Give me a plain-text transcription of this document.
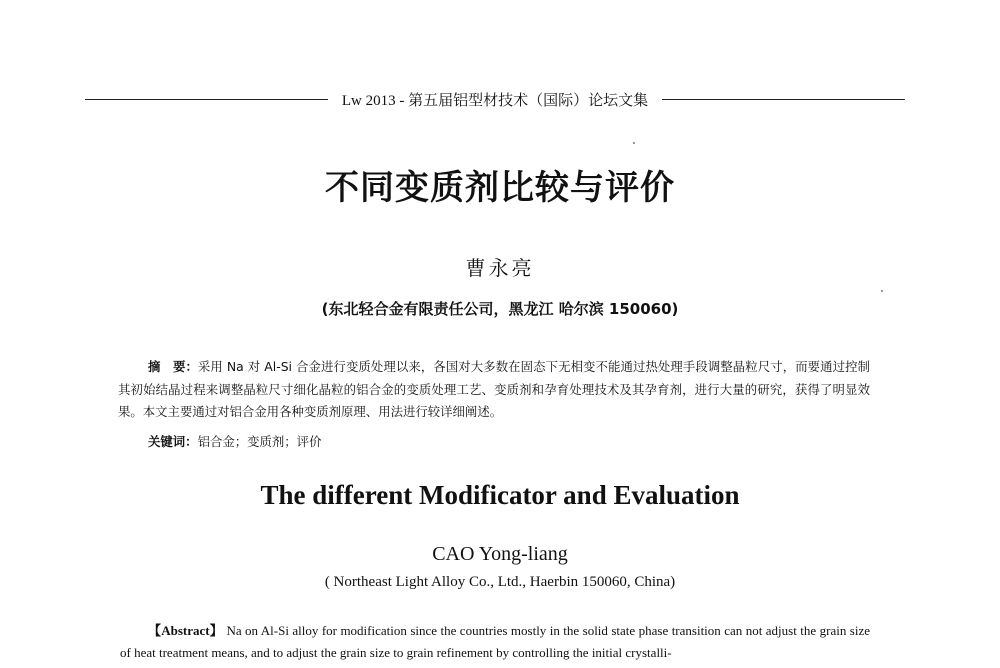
Lw 2013 - 第五届铝型材技术（国际）论坛文集
不同变质剂比较与评价
曹永亮
(东北轻合金有限责任公司，黑龙江 哈尔滨 150060)
摘　要：采用 Na 对 Al-Si 合金进行变质处理以来，各国对大多数在固态下无相变不能通过热处理手段调整晶粒尺寸，而要通过控制其初始结晶过程来调整晶粒尺寸细化晶粒的铝合金的变质处理工艺、变质剂和孕育处理技术及其孕育剂，进行大量的研究，获得了明显效果。本文主要通过对铝合金用各种变质剂原理、用法进行较详细阐述。
关键词：铝合金；变质剂；评价
The different Modificator and Evaluation
CAO Yong-liang
( Northeast Light Alloy Co., Ltd., Haerbin 150060, China)
【Abstract】 Na on Al-Si alloy for modification since the countries mostly in the solid state phase transition can not adjust the grain size of heat treatment means, and to adjust the grain size to grain refinement by controlling the initial crystalli-
